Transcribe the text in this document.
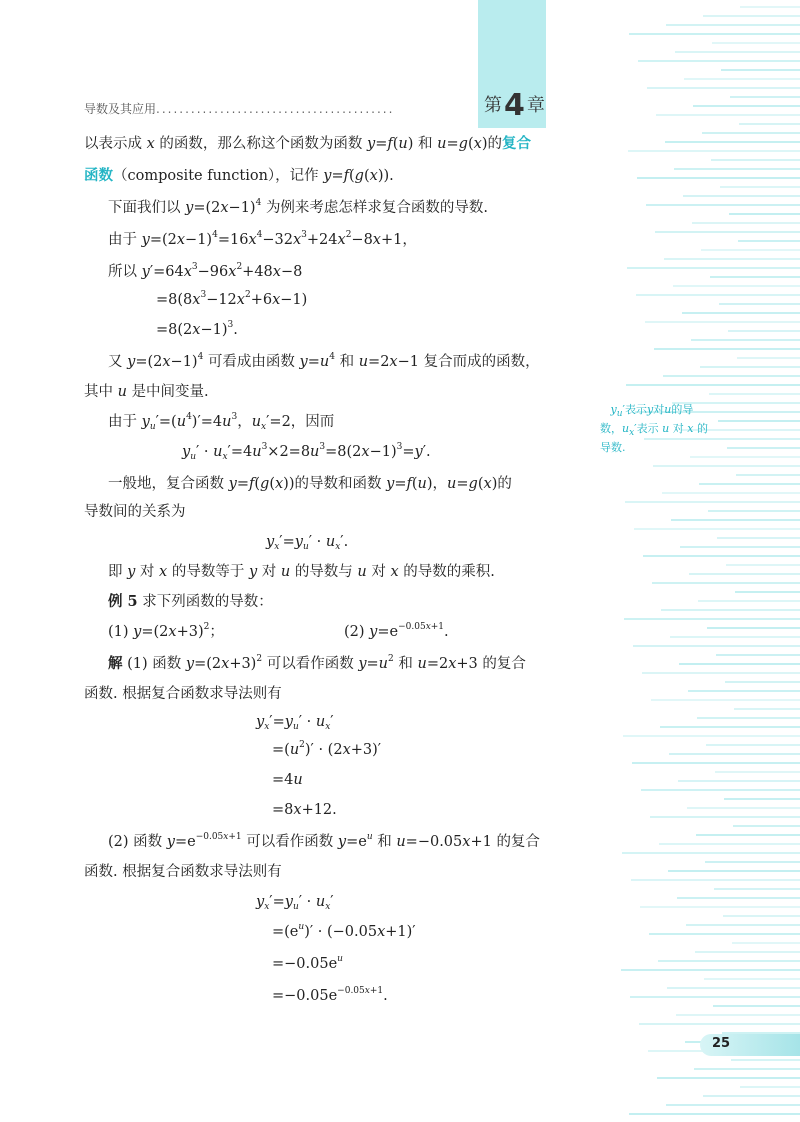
导数及其应用.........................................	第4 章
以表示成 x 的函数，那么称这个函数为函数 y=f(u) 和 u=g(x)的复合
函数（composite function），记作 y=f(g(x)).
下面我们以 $y=(2x-1)^4$ 为例来考虑怎样求复合函数的导数.
由于 $y=(2x-1)^4=16x^4-32x^3+24x^2-8x+1$，
所以 $y'=64x^3-96x^2+48x-8$
$=8(8x^3-12x^2+6x-1)$
$=8(2x-1)^3$.
又 $y=(2x-1)^4$ 可看成由函数 $y=u^4$ 和 u=2x−1 复合而成的函数，
其中 u 是中间变量.
由于 $y_u'=(u^4)'=4u^3$，$u_x'=2$，因而
$y_u' \cdot u_x'=4u^3\times 2=8u^3=8(2x-1)^3=y'$.
一般地，复合函数 y=f(g(x))的导数和函数 y=f(u)，u=g(x)的
导数间的关系为
$y_x'=y_u' \cdot u_x'$.
即 y 对 x 的导数等于 y 对 u 的导数与 u 对 x 的导数的乘积.
例 5 求下列函数的导数：
(1) $y=(2x+3)^2$；	(2) $y=e^{-0.05x+1}$.
解 (1) 函数 $y=(2x+3)^2$ 可以看作函数 $y=u^2$ 和 u=2x+3 的复合
函数. 根据复合函数求导法则有
$y_x'=y_u' \cdot u_x'$
$=(u^2)' \cdot (2x+3)'$
=4u
=8x+12.
(2) 函数 $y=e^{-0.05x+1}$ 可以看作函数 $y=e^u$ 和 u=−0.05x+1 的复合
函数. 根据复合函数求导法则有
$y_x'=y_u' \cdot u_x'$
$=(e^u)' \cdot (-0.05x+1)'$
$=-0.05e^u$
$=-0.05e^{-0.05x+1}$.
$y_u'$表示y对u的导
数，$u_x'$表示 u 对 x 的
导数.
25
